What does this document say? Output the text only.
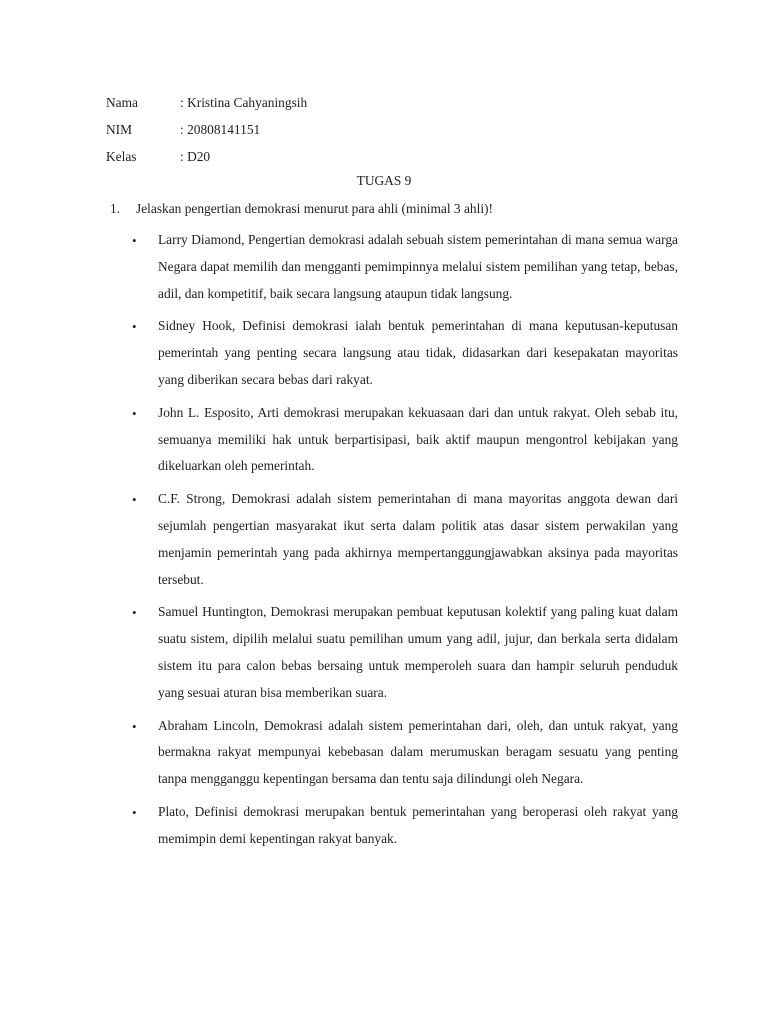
Nama	: Kristina Cahyaningsih
NIM	: 20808141151
Kelas	: D20
TUGAS 9
1. Jelaskan pengertian demokrasi menurut para ahli (minimal 3 ahli)!
•	Larry Diamond, Pengertian demokrasi adalah sebuah sistem pemerintahan di mana semua warga Negara dapat memilih dan mengganti pemimpinnya melalui sistem pemilihan yang tetap, bebas, adil, dan kompetitif, baik secara langsung ataupun tidak langsung.
•	Sidney Hook, Definisi demokrasi ialah bentuk pemerintahan di mana keputusan-keputusan pemerintah yang penting secara langsung atau tidak, didasarkan dari kesepakatan mayoritas yang diberikan secara bebas dari rakyat.
•	John L. Esposito, Arti demokrasi merupakan kekuasaan dari dan untuk rakyat. Oleh sebab itu, semuanya memiliki hak untuk berpartisipasi, baik aktif maupun mengontrol kebijakan yang dikeluarkan oleh pemerintah.
•	C.F. Strong, Demokrasi adalah sistem pemerintahan di mana mayoritas anggota dewan dari sejumlah pengertian masyarakat ikut serta dalam politik atas dasar sistem perwakilan yang menjamin pemerintah yang pada akhirnya mempertanggungjawabkan aksinya pada mayoritas tersebut.
•	Samuel Huntington, Demokrasi merupakan pembuat keputusan kolektif yang paling kuat dalam suatu sistem, dipilih melalui suatu pemilihan umum yang adil, jujur, dan berkala serta didalam sistem itu para calon bebas bersaing untuk memperoleh suara dan hampir seluruh penduduk yang sesuai aturan bisa memberikan suara.
•	Abraham Lincoln, Demokrasi adalah sistem pemerintahan dari, oleh, dan untuk rakyat, yang bermakna rakyat mempunyai kebebasan dalam merumuskan beragam sesuatu yang penting tanpa mengganggu kepentingan bersama dan tentu saja dilindungi oleh Negara.
•	Plato, Definisi demokrasi merupakan bentuk pemerintahan yang beroperasi oleh rakyat yang memimpin demi kepentingan rakyat banyak.
